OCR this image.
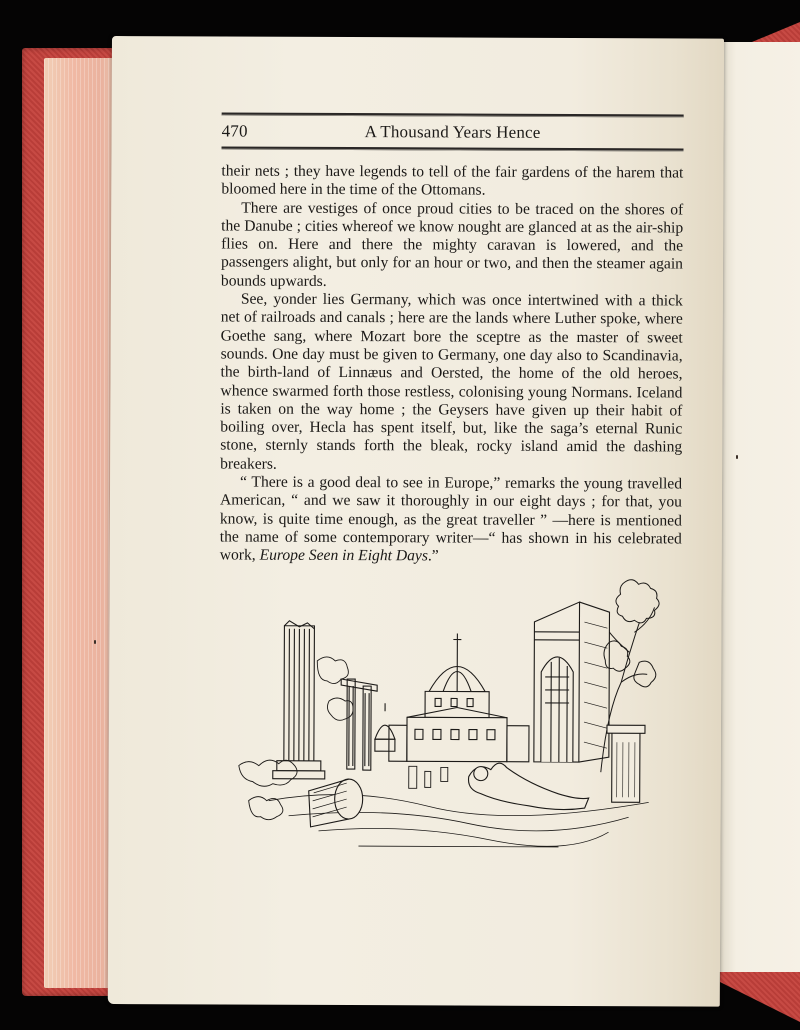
470	A Thousand Years Hence

their nets ; they have legends to tell of the fair gardens of the harem that bloomed here in the time of the Ottomans.

There are vestiges of once proud cities to be traced on the shores of the Danube ; cities whereof we know nought are glanced at as the air-ship flies on. Here and there the mighty caravan is lowered, and the passengers alight, but only for an hour or two, and then the steamer again bounds upwards.

See, yonder lies Germany, which was once intertwined with a thick net of railroads and canals ; here are the lands where Luther spoke, where Goethe sang, where Mozart bore the sceptre as the master of sweet sounds. One day must be given to Germany, one day also to Scandinavia, the birth-land of Linnæus and Oersted, the home of the old heroes, whence swarmed forth those restless, colonising young Normans. Iceland is taken on the way home ; the Geysers have given up their habit of boiling over, Hecla has spent itself, but, like the saga’s eternal Runic stone, sternly stands forth the bleak, rocky island amid the dashing breakers.

“ There is a good deal to see in Europe,” remarks the young travelled American, “ and we saw it thoroughly in our eight days ; for that, you know, is quite time enough, as the great traveller ” —here is mentioned the name of some contemporary writer—“ has shown in his celebrated work, Europe Seen in Eight Days.”
